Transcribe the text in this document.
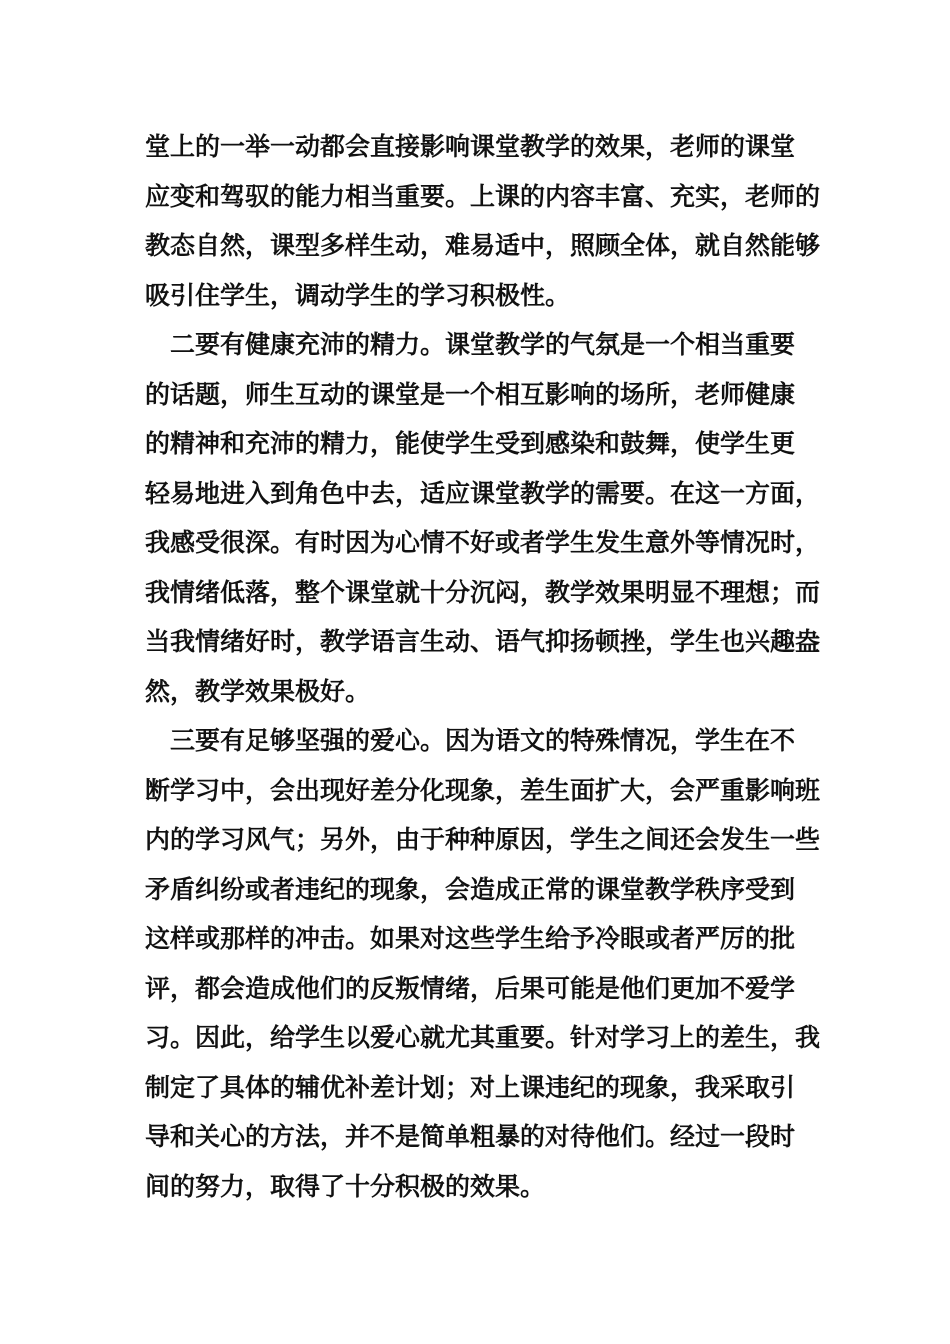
堂上的一举一动都会直接影响课堂教学的效果，老师的课堂
应变和驾驭的能力相当重要。上课的内容丰富、充实，老师的
教态自然，课型多样生动，难易适中，照顾全体，就自然能够
吸引住学生，调动学生的学习积极性。
二要有健康充沛的精力。课堂教学的气氛是一个相当重要
的话题，师生互动的课堂是一个相互影响的场所，老师健康
的精神和充沛的精力，能使学生受到感染和鼓舞，使学生更
轻易地进入到角色中去，适应课堂教学的需要。在这一方面，
我感受很深。有时因为心情不好或者学生发生意外等情况时，
我情绪低落，整个课堂就十分沉闷，教学效果明显不理想；而
当我情绪好时，教学语言生动、语气抑扬顿挫，学生也兴趣盎
然，教学效果极好。
三要有足够坚强的爱心。因为语文的特殊情况，学生在不
断学习中，会出现好差分化现象，差生面扩大，会严重影响班
内的学习风气；另外，由于种种原因，学生之间还会发生一些
矛盾纠纷或者违纪的现象，会造成正常的课堂教学秩序受到
这样或那样的冲击。如果对这些学生给予冷眼或者严厉的批
评，都会造成他们的反叛情绪，后果可能是他们更加不爱学
习。因此，给学生以爱心就尤其重要。针对学习上的差生，我
制定了具体的辅优补差计划；对上课违纪的现象，我采取引
导和关心的方法，并不是简单粗暴的对待他们。经过一段时
间的努力，取得了十分积极的效果。
